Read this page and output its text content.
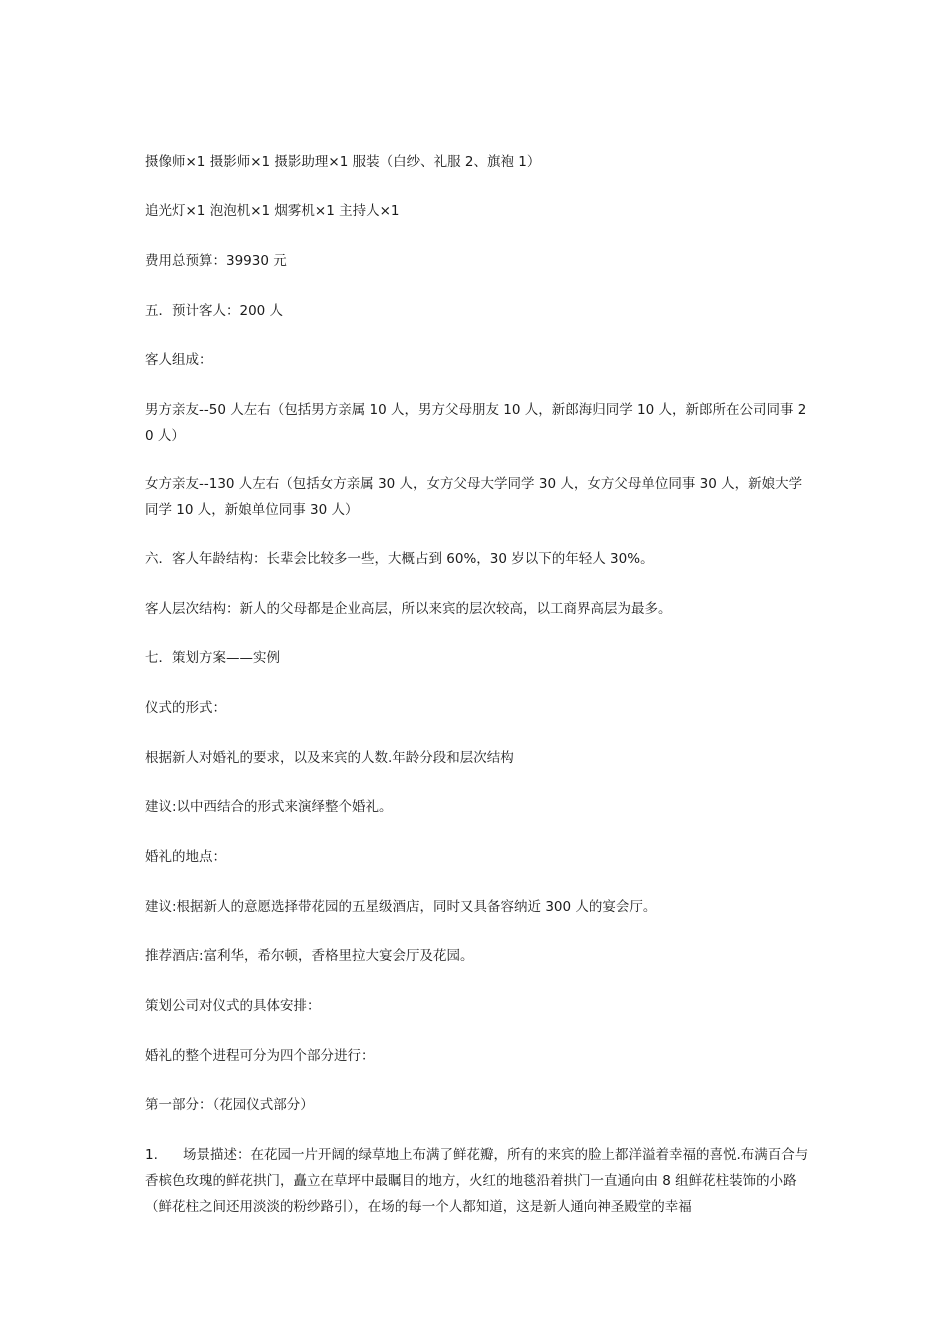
摄像师×1 摄影师×1 摄影助理×1 服装（白纱、礼服 2、旗袍 1）

追光灯×1 泡泡机×1 烟雾机×1 主持人×1

费用总预算：39930 元

五．预计客人：200 人

客人组成：

男方亲友--50 人左右（包括男方亲属 10 人，男方父母朋友 10 人，新郎海归同学 10 人，新郎所在公司同事 20 人）

女方亲友--130 人左右（包括女方亲属 30 人，女方父母大学同学 30 人，女方父母单位同事 30 人，新娘大学同学 10 人，新娘单位同事 30 人）

六．客人年龄结构：长辈会比较多一些，大概占到 60%，30 岁以下的年轻人 30%。

客人层次结构：新人的父母都是企业高层，所以来宾的层次较高，以工商界高层为最多。

七．策划方案——实例

仪式的形式：

根据新人对婚礼的要求，以及来宾的人数.年龄分段和层次结构

建议:以中西结合的形式来演绎整个婚礼。

婚礼的地点：

建议:根据新人的意愿选择带花园的五星级酒店，同时又具备容纳近 300 人的宴会厅。

推荐酒店:富利华，希尔顿，香格里拉大宴会厅及花园。

策划公司对仪式的具体安排：

婚礼的整个进程可分为四个部分进行：

第一部分：（花园仪式部分）

1. 场景描述：在花园一片开阔的绿草地上布满了鲜花瓣，所有的来宾的脸上都洋溢着幸福的喜悦.布满百合与香槟色玫瑰的鲜花拱门，矗立在草坪中最瞩目的地方，火红的地毯沿着拱门一直通向由 8 组鲜花柱装饰的小路（鲜花柱之间还用淡淡的粉纱路引），在场的每一个人都知道，这是新人通向神圣殿堂的幸福
